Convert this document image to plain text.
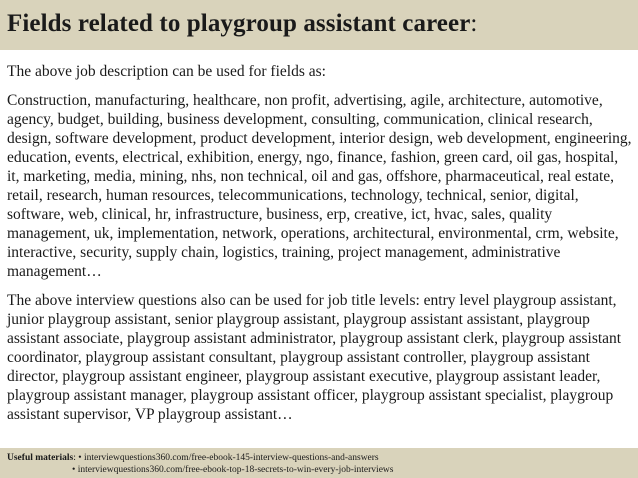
Fields related to playgroup assistant career:

The above job description can be used for fields as:

Construction, manufacturing, healthcare, non profit, advertising, agile, architecture, automotive, agency, budget, building, business development, consulting, communication, clinical research, design, software development, product development, interior design, web development, engineering, education, events, electrical, exhibition, energy, ngo, finance, fashion, green card, oil gas, hospital, it, marketing, media, mining, nhs, non technical, oil and gas, offshore, pharmaceutical, real estate, retail, research, human resources, telecommunications, technology, technical, senior, digital, software, web, clinical, hr, infrastructure, business, erp, creative, ict, hvac, sales, quality management, uk, implementation, network, operations, architectural, environmental, crm, website, interactive, security, supply chain, logistics, training, project management, administrative management…

The above interview questions also can be used for job title levels: entry level playgroup assistant, junior playgroup assistant, senior playgroup assistant, playgroup assistant assistant, playgroup assistant associate, playgroup assistant administrator, playgroup assistant clerk, playgroup assistant coordinator, playgroup assistant consultant, playgroup assistant controller, playgroup assistant director, playgroup assistant engineer, playgroup assistant executive, playgroup assistant leader, playgroup assistant manager, playgroup assistant officer, playgroup assistant specialist, playgroup assistant supervisor, VP playgroup assistant…

Useful materials: • interviewquestions360.com/free-ebook-145-interview-questions-and-answers
• interviewquestions360.com/free-ebook-top-18-secrets-to-win-every-job-interviews
